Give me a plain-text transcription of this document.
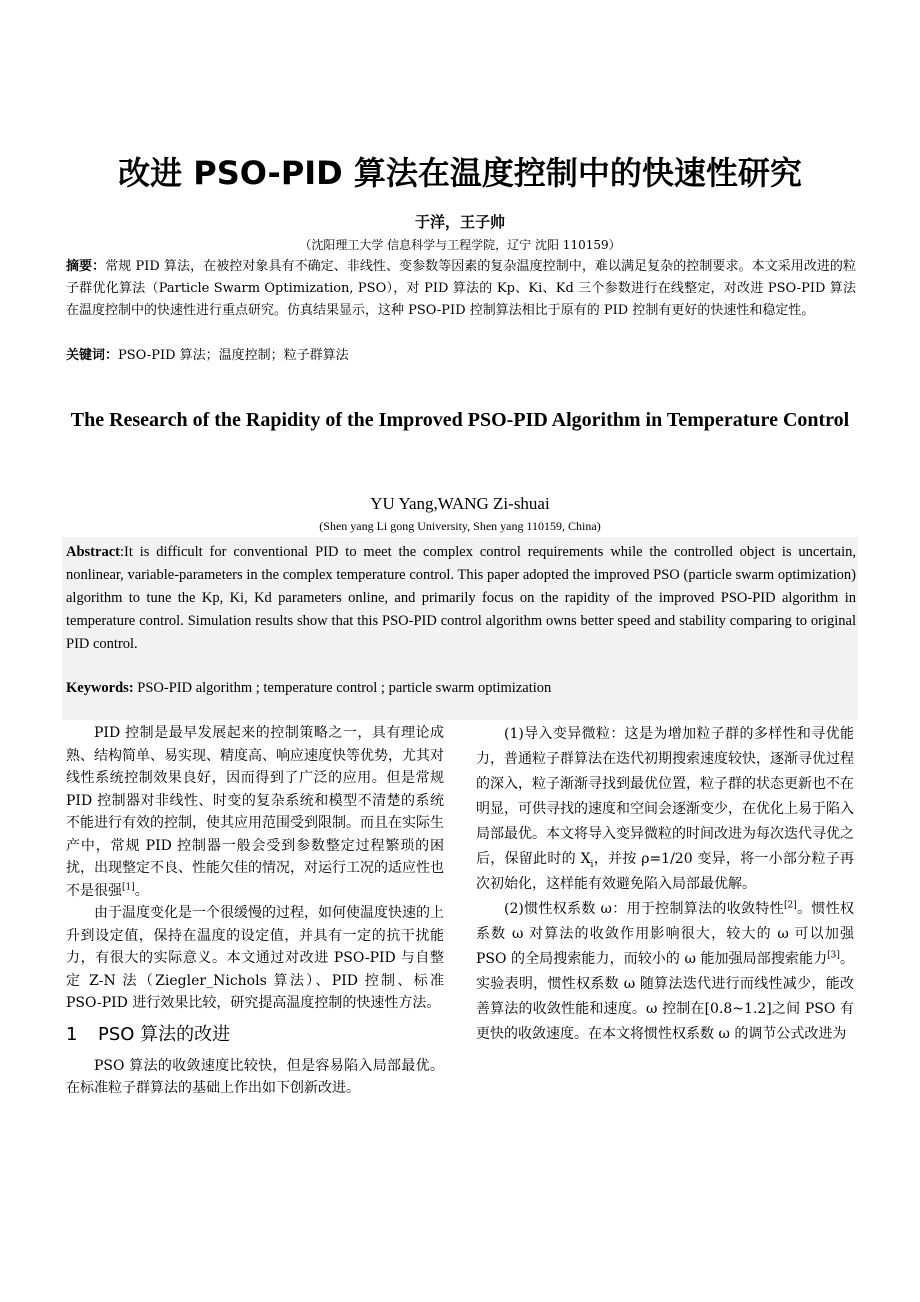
改进 PSO-PID 算法在温度控制中的快速性研究
于洋，王子帅
（沈阳理工大学 信息科学与工程学院，辽宁 沈阳 110159）
摘要：常规 PID 算法，在被控对象具有不确定、非线性、变参数等因素的复杂温度控制中，难以满足复杂的控制要求。本文采用改进的粒子群优化算法（Particle Swarm Optimization, PSO），对 PID 算法的 Kp、Ki、Kd 三个参数进行在线整定，对改进 PSO-PID 算法在温度控制中的快速性进行重点研究。仿真结果显示，这种 PSO-PID 控制算法相比于原有的 PID 控制有更好的快速性和稳定性。
关键词：PSO-PID 算法；温度控制；粒子群算法
The Research of the Rapidity of the Improved PSO-PID Algorithm in Temperature Control
YU Yang,WANG Zi-shuai
(Shen yang Li gong University, Shen yang 110159, China)
Abstract:It is difficult for conventional PID to meet the complex control requirements while the controlled object is uncertain, nonlinear, variable-parameters in the complex temperature control. This paper adopted the improved PSO (particle swarm optimization) algorithm to tune the Kp, Ki, Kd parameters online, and primarily focus on the rapidity of the improved PSO-PID algorithm in temperature control. Simulation results show that this PSO-PID control algorithm owns better speed and stability comparing to original PID control.
Keywords: PSO-PID algorithm ; temperature control ; particle swarm optimization

PID 控制是最早发展起来的控制策略之一，具有理论成熟、结构简单、易实现、精度高、响应速度快等优势，尤其对线性系统控制效果良好，因而得到了广泛的应用。但是常规 PID 控制器对非线性、时变的复杂系统和模型不清楚的系统不能进行有效的控制，使其应用范围受到限制。而且在实际生产中，常规 PID 控制器一般会受到参数整定过程繁琐的困扰，出现整定不良、性能欠佳的情况，对运行工况的适应性也不是很强[1]。

由于温度变化是一个很缓慢的过程，如何使温度快速的上升到设定值，保持在温度的设定值，并具有一定的抗干扰能力，有很大的实际意义。本文通过对改进 PSO-PID 与自整定 Z-N 法（Ziegler_Nichols 算法）、PID 控制、标准 PSO-PID 进行效果比较，研究提高温度控制的快速性方法。

1 PSO 算法的改进

PSO 算法的收敛速度比较快，但是容易陷入局部最优。在标准粒子群算法的基础上作出如下创新改进。

(1)导入变异微粒：这是为增加粒子群的多样性和寻优能力，普通粒子群算法在迭代初期搜索速度较快，逐渐寻优过程的深入，粒子渐渐寻找到最优位置，粒子群的状态更新也不在明显，可供寻找的速度和空间会逐渐变少，在优化上易于陷入局部最优。本文将导入变异微粒的时间改进为每次迭代寻优之后，保留此时的 $X_i$，并按 ρ=1/20 变异，将一小部分粒子再次初始化，这样能有效避免陷入局部最优解。

(2)惯性权系数 ω：用于控制算法的收敛特性[2]。惯性权系数 ω 对算法的收敛作用影响很大，较大的 ω 可以加强 PSO 的全局搜索能力，而较小的 ω 能加强局部搜索能力[3]。实验表明，惯性权系数 ω 随算法迭代进行而线性减少，能改善算法的收敛性能和速度。ω 控制在[0.8~1.2]之间 PSO 有更快的收敛速度。在本文将惯性权系数 ω 的调节公式改进为
